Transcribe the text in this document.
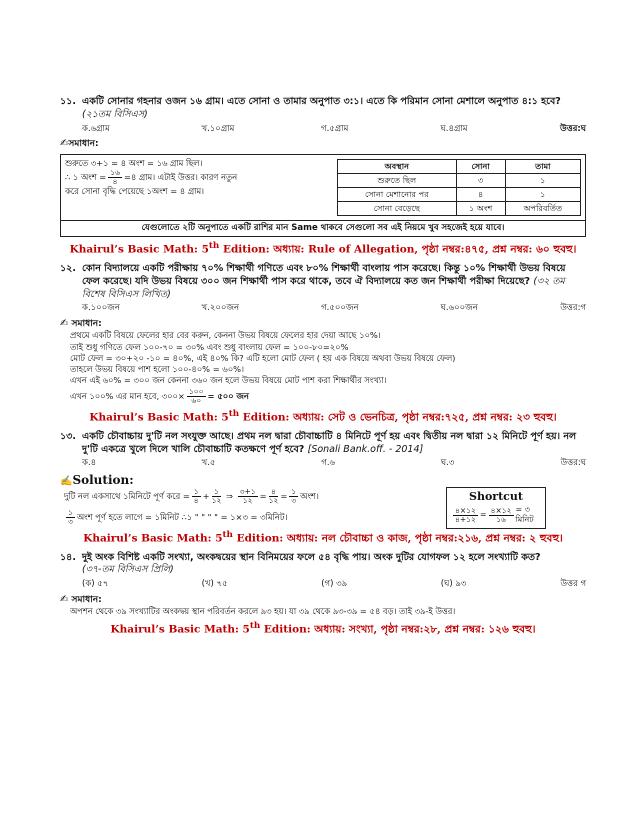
১১. একটি সোনার গহনার ওজন ১৬ গ্রাম। এতে সোনা ও তামার অনুপাত ৩:১। এতে কি পরিমান সোনা মেশালে অনুপাত ৪:১ হবে? (২১তম বিসিএস)
ক.৬গ্রাম	খ.১০গ্রাম	গ.৫গ্রাম	ঘ.৪গ্রাম	উত্তর:ঘ
✍সমাধান:
শুরুতে ৩+১ = ৪ অংশ = ১৬ গ্রাম ছিল।
∴
১ অংশ = $\frac{১৬}{৪}$ =৪ গ্রাম। এটাই উত্তর। কারণ নতুন
করে সোনা বৃদ্ধি পেয়েছে ১অংশ = ৪ গ্রাম।
অবস্থান	সোনা	তামা
শুরুতে ছিল	৩	১
সোনা মেশানোর পর	৪	১
সোনা বেড়েছে	১ অংশ	অপরিবর্তিত
যেগুলোতে ২টি অনুপাতে একটি রাশির মান Same থাকবে সেগুলো সব এই নিয়মে খুব সহজেই হয়ে যাবে।
Khairul’s Basic Math: 5th Edition: অধ্যায়: Rule of Allegation, পৃষ্ঠা নম্বর:৪৭৫, প্রশ্ন নম্বর: ৬০ হুবহু।
১২. কোন বিদ্যালয়ে একটি পরীক্ষায় ৭০% শিক্ষার্থী গণিতে এবং ৮০% শিক্ষার্থী বাংলায় পাস করেছে। কিন্তু ১০% শিক্ষার্থী উভয় বিষয়ে ফেল করেছে। যদি উভয় বিষয়ে ৩০০ জন শিক্ষার্থী পাস করে থাকে, তবে ঐ বিদ্যালয়ে কত জন শিক্ষার্থী পরীক্ষা দিয়েছে? (৩২ তম বিশেষ বিসিএস লিখিত)
ক.১০০জন	খ.২০০জন	গ.৫০০জন	ঘ.৬০০জন	উত্তর:গ
✍ সমাধান:
প্রথমে একটি বিষয়ে ফেলের হার বের করুন, কেননা উভয় বিষয়ে ফেলের হার দেয়া আছে ১০%।
তাই শুধু গণিতে ফেল ১০০-৭০ = ৩০% এবং শুধু বাংলায় ফেল = ১০০-৮০=২০%
মোট ফেল = ৩০+২০ -১০ = ৪০%, এই ৪০% কি? এটি হলো মোট ফেল ( হয় এক বিষয়ে অথবা উভয় বিষয়ে ফেল)
তাহলে উভয় বিষয়ে পাশ হলো ১০০-৪০% = ৬০%।
এখন এই ৬০% = ৩০০ জন কেননা ৩৬০ জন হলে উভয় বিষয়ে মোট পাশ করা শিক্ষার্থীর সংখ্যা।
এখন ১০০% এর মান হবে, ৩০০× $\frac{১০০}{৬০}$ = ৫০০ জন
Khairul’s Basic Math: 5th Edition: অধ্যায়: সেট ও ভেনচিত্র, পৃষ্ঠা নম্বর:৭২৫, প্রশ্ন নম্বর: ২৩ হুবহু।
১৩. একটি চৌবাচ্চায় দু'টি নল সংযুক্ত আছে। প্রথম নল দ্বারা চৌবাচ্চাটি ৪ মিনিটে পূর্ণ হয় এবং দ্বিতীয় নল দ্বারা ১২ মিনিটে পূর্ণ হয়। নল দু'টি একত্রে খুলে দিলে খালি চৌবাচ্চাটি কতক্ষণে পূর্ণ হবে? [Sonali Bank.off. - 2014]
ক.৪	খ.৫	গ.৬	ঘ.৩	উত্তর:ঘ
✍Solution:
দুটি নল একসাথে ১মিনিটে পূর্ণ করে = $\frac{১}{৪} + \frac{১}{১২}$
⇒
$\frac{৩+১}{১২} = \frac{৪}{১২} = \frac{১}{৩}$ অংশ।
$\frac{১}{৩}$ অংশ পূর্ণ হতে লাগে = ১মিনিট ∴১ " " " " = ১×৩ = ৩মিনিট।
Shortcut
$\frac{৪\times ১২}{৪+১২} = \frac{৪\times ১২}{১৬}$ = ৩ মিনিট
Khairul’s Basic Math: 5th Edition: অধ্যায়: নল চৌবাচ্চা ও কাজ, পৃষ্ঠা নম্বর:২১৬, প্রশ্ন নম্বর: ২ হুবহু।
১৪. দুই অংক বিশিষ্ট একটি সংখ্যা, অংকদ্বয়ের স্থান বিনিময়ের ফলে ৫৪ বৃদ্ধি পায়। অংক দুটির যোগফল ১২ হলে সংখ্যাটি কত?
(৩৭-তম বিসিএস প্রিলি)
(ক) ৫৭	(খ) ৭৫	(গ) ৩৯	(ঘ) ৯৩	উত্তর গ
✍ সমাধান:
অপশন থেকে ৩৯ সংখ্যাটির অংকদ্বয় স্থান পরিবর্তন করলে ৯৩ হয়। যা ৩৯ থেকে ৯৩-৩৯ = ৫৪ বড়। তাই ৩৯-ই উত্তর।
Khairul’s Basic Math: 5th Edition: অধ্যায়: সংখ্যা, পৃষ্ঠা নম্বর:২৮, প্রশ্ন নম্বর: ১২৬ হুবহু।
